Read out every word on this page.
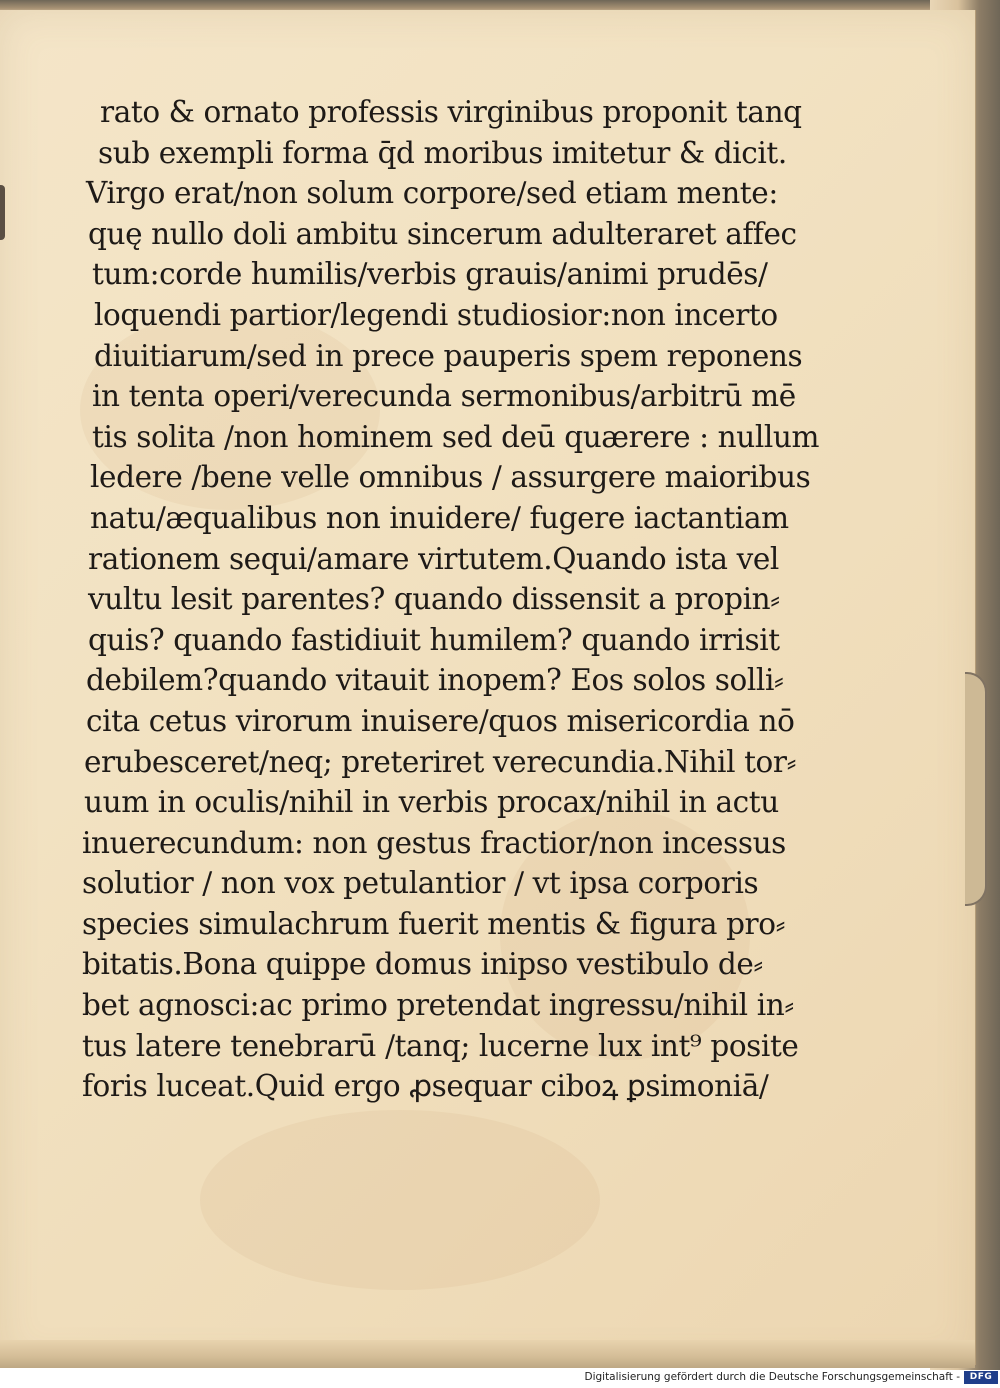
rato & ornato professis virginibus proponit tanq
sub exempli forma q̄d moribus imitetur & dicit.
Virgo erat/non solum corpore/sed etiam mente:
quę nullo doli ambitu sincerum adulteraret affec
tum:corde humilis/verbis grauis/animi prudēs/
loquendi partior/legendi studiosior:non incerto
diuitiarum/sed in prece pauperis spem reponens
in tenta operi/verecunda sermonibus/arbitrū mē
tis solita /non hominem sed deū quærere : nullum
ledere /bene velle omnibus / assurgere maioribus
natu/æqualibus non inuidere/ fugere iactantiam
rationem sequi/amare virtutem.Quando ista vel
vultu lesit parentes? quando dissensit a propin⸗
quis? quando fastidiuit humilem? quando irrisit
debilem?quando vitauit inopem? Eos solos solli⸗
cita cetus virorum inuisere/quos misericordia nō
erubesceret/neq; preteriret verecundia.Nihil tor⸗
uum in oculis/nihil in verbis procax/nihil in actu
inuerecundum: non gestus fractior/non incessus
solutior / non vox petulantior / vt ipsa corporis
species simulachrum fuerit mentis & figura pro⸗
bitatis.Bona quippe domus inipso vestibulo de⸗
bet agnosci:ac primo pretendat ingressu/nihil in⸗
tus latere tenebrarū /tanq; lucerne lux int⁹ posite
foris luceat.Quid ergo ꝓsequar ciboꝝ ꝑsimoniā/
Digitalisierung gefördert durch die Deutsche Forschungsgemeinschaft -	DFG
